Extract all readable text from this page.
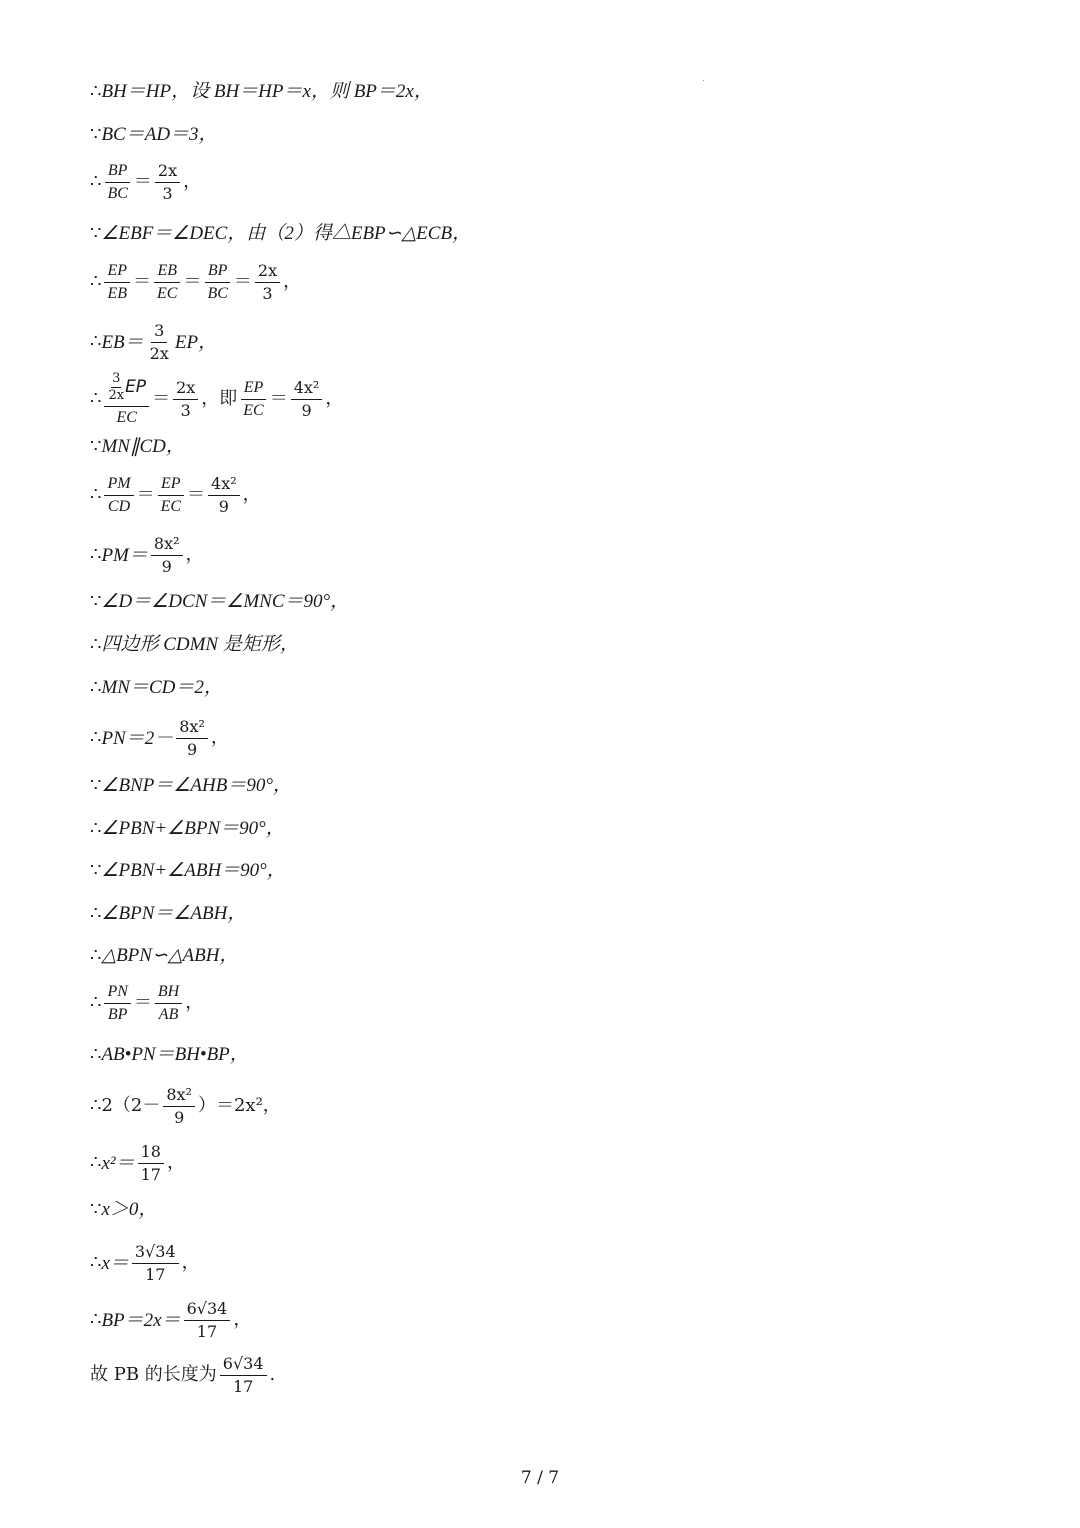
∴ BH＝HP，设 BH＝HP＝x，则 BP＝2x，
∵ BC＝AD＝3，
∴ $\frac{BP}{BC} = \frac{2x}{3}$ ，
∵ ∠EBF＝∠DEC，由（2）得△EBP∽△ECB，
∴ $\frac{EP}{EB} = \frac{EB}{EC} = \frac{BP}{BC} = \frac{2x}{3}$ ，
∴ $EB= \frac{3}{2x}$ EP，
∴ $\frac{\frac{3}{2x} EP}{EC} = \frac{2x}{3}$ ， 即 $\frac{EP}{EC} = \frac{\text{4x²}}{9}$ ，
∵ MN∥CD，
∴ $\frac{PM}{CD} = \frac{EP}{EC} = \frac{\text{4x²}}{9}$ ，
∴ $PM= \frac{\text{8x²}}{9}$ ，
∵ ∠D＝∠DCN＝∠MNC＝90°，
∴ 四边形 CDMN 是矩形，
∴ MN＝CD＝2，
∴ $PN=2- \frac{\text{8x²}}{9}$ ，
∵ ∠BNP＝∠AHB＝90°，
∴ ∠PBN+∠BPN＝90°，
∵ ∠PBN+∠ABH＝90°，
∴ ∠BPN＝∠ABH，
∴ △BPN∽△ABH，
∴ $\frac{PN}{BP} = \frac{BH}{AB}$ ，
∴ AB•PN＝BH•BP，
∴ $2(2- \frac{\text{8x²}}{9} )=2x^2$，
∴ $x^2= \frac{18}{17}$ ，
∵ x＞0，
∴ $x= \frac{3√34}{17}$ ，
∴ $BP=2x= \frac{6√34}{17}$ ，
故 PB 的长度为 $\frac{6√34}{17}$ .
7 / 7
